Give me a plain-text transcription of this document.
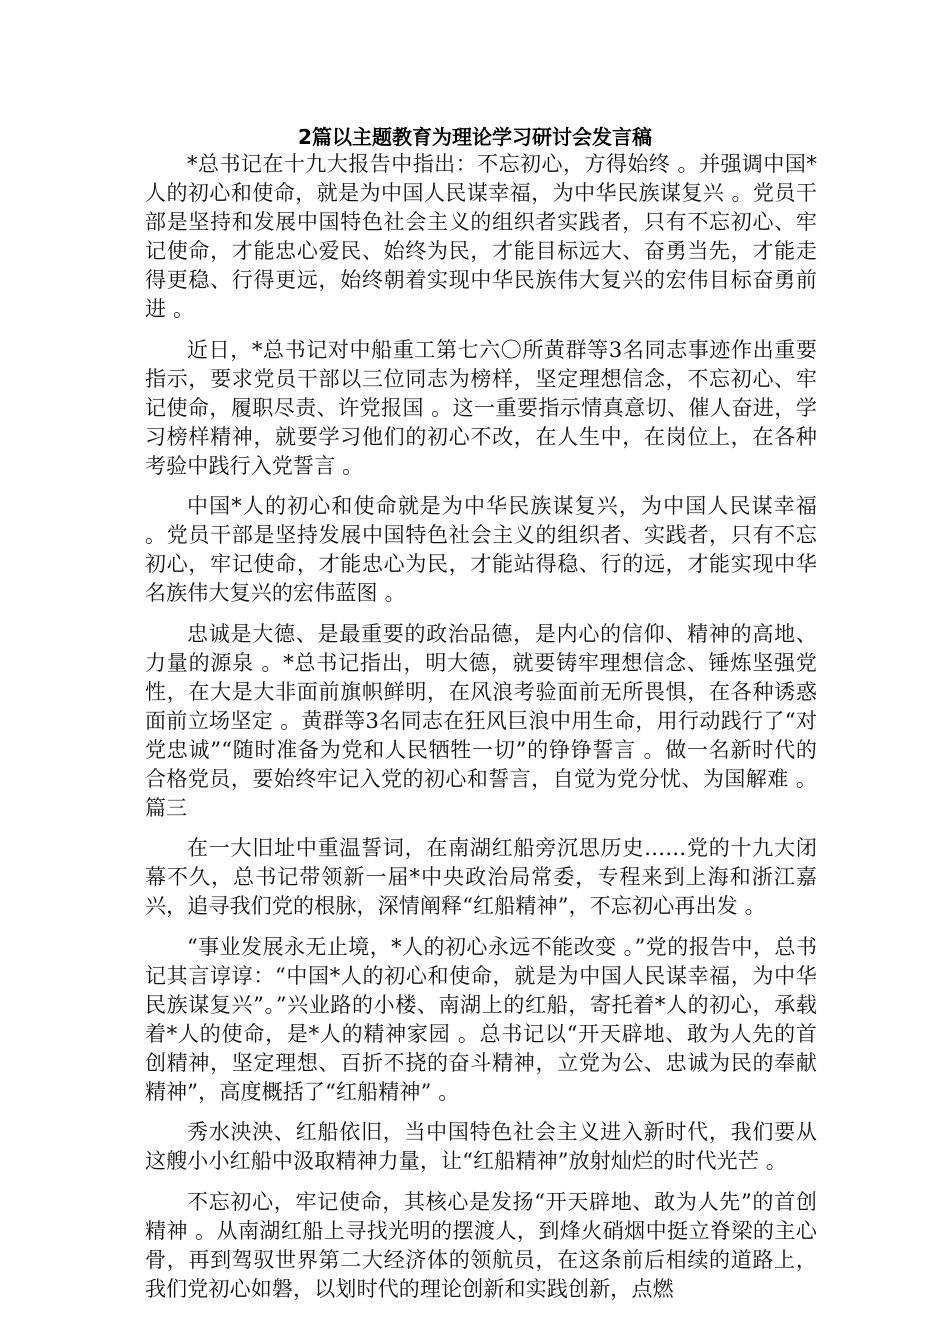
2篇以主题教育为理论学习研讨会发言稿

*总书记在十九大报告中指出：不忘初心，方得始终 。并强调中国*人的初心和使命，就是为中国人民谋幸福，为中华民族谋复兴 。党员干部是坚持和发展中国特色社会主义的组织者实践者，只有不忘初心、牢记使命，才能忠心爱民、始终为民，才能目标远大、奋勇当先，才能走得更稳、行得更远，始终朝着实现中华民族伟大复兴的宏伟目标奋勇前进 。

近日，*总书记对中船重工第七六〇所黄群等3名同志事迹作出重要指示，要求党员干部以三位同志为榜样，坚定理想信念，不忘初心、牢记使命，履职尽责、许党报国 。这一重要指示情真意切、催人奋进，学习榜样精神，就要学习他们的初心不改，在人生中，在岗位上，在各种考验中践行入党誓言 。

中国*人的初心和使命就是为中华民族谋复兴，为中国人民谋幸福 。党员干部是坚持发展中国特色社会主义的组织者、实践者，只有不忘初心，牢记使命，才能忠心为民，才能站得稳、行的远，才能实现中华名族伟大复兴的宏伟蓝图 。

忠诚是大德、是最重要的政治品德，是内心的信仰、精神的高地、力量的源泉 。*总书记指出，明大德，就要铸牢理想信念、锤炼坚强党性，在大是大非面前旗帜鲜明，在风浪考验面前无所畏惧，在各种诱惑面前立场坚定 。黄群等3名同志在狂风巨浪中用生命，用行动践行了“对党忠诚”“随时准备为党和人民牺牲一切”的铮铮誓言 。做一名新时代的合格党员，要始终牢记入党的初心和誓言，自觉为党分忧、为国解难 。篇三

在一大旧址中重温誓词，在南湖红船旁沉思历史……党的十九大闭幕不久，总书记带领新一届*中央政治局常委，专程来到上海和浙江嘉兴，追寻我们党的根脉，深情阐释“红船精神”，不忘初心再出发 。

“事业发展永无止境，*人的初心永远不能改变 。”党的报告中，总书记其言谆谆：“中国*人的初心和使命，就是为中国人民谋幸福，为中华民族谋复兴”。”兴业路的小楼、南湖上的红船，寄托着*人的初心，承载着*人的使命，是*人的精神家园 。总书记以“开天辟地、敢为人先的首创精神，坚定理想、百折不挠的奋斗精神，立党为公、忠诚为民的奉献精神”，高度概括了“红船精神” 。

秀水泱泱、红船依旧，当中国特色社会主义进入新时代，我们要从这艘小小红船中汲取精神力量，让“红船精神”放射灿烂的时代光芒 。

不忘初心，牢记使命，其核心是发扬“开天辟地、敢为人先”的首创精神 。从南湖红船上寻找光明的摆渡人，到烽火硝烟中挺立脊梁的主心骨，再到驾驭世界第二大经济体的领航员，在这条前后相续的道路上，我们党初心如磐，以划时代的理论创新和实践创新，点燃
